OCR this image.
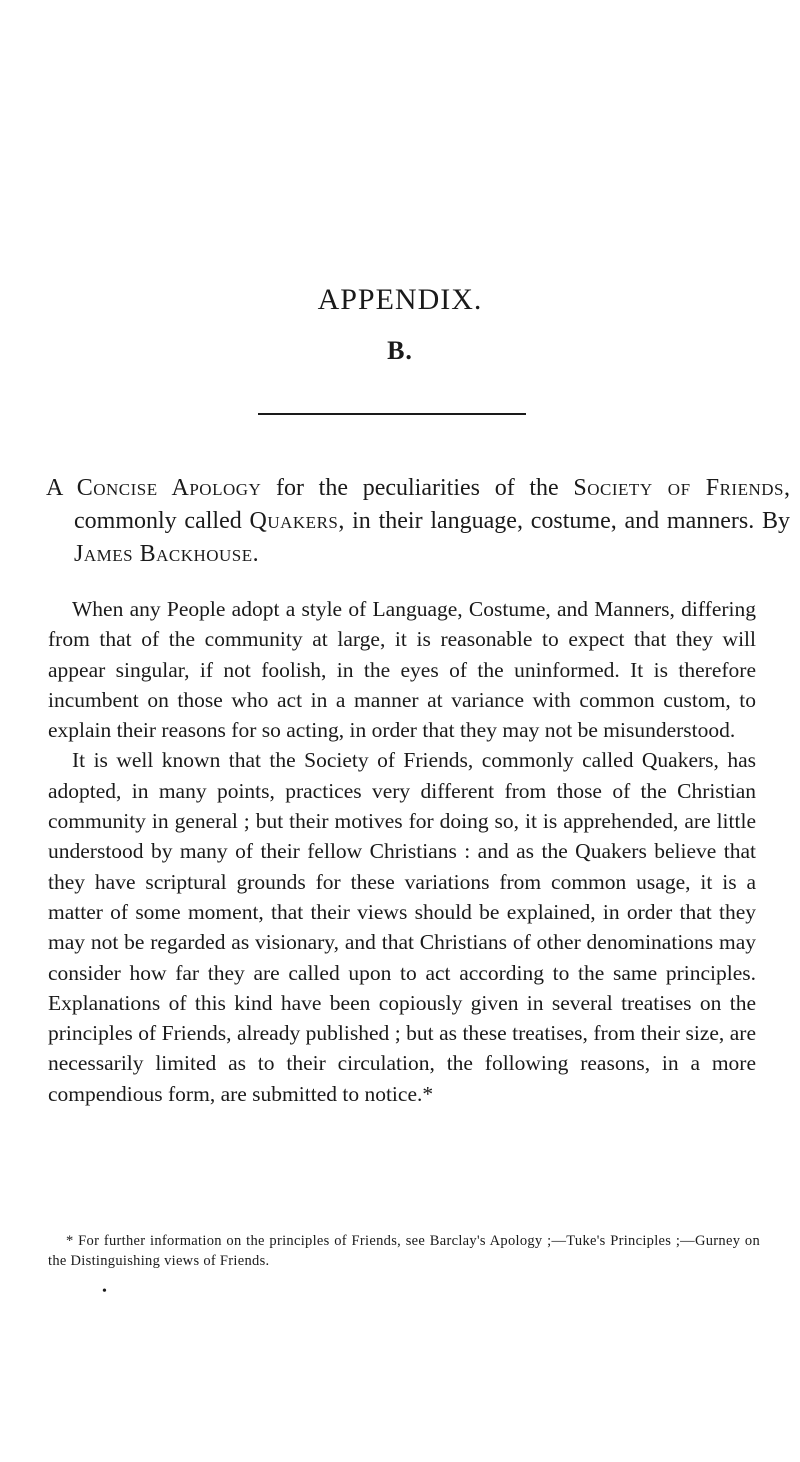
APPENDIX.
B.
A Concise Apology for the peculiarities of the Society of Friends, commonly called Quakers, in their language, costume, and manners. By James Backhouse.

When any People adopt a style of Language, Costume, and Manners, differing from that of the community at large, it is reasonable to expect that they will appear singular, if not foolish, in the eyes of the uninformed. It is therefore incumbent on those who act in a manner at variance with common custom, to explain their reasons for so acting, in order that they may not be misunderstood.

It is well known that the Society of Friends, commonly called Quakers, has adopted, in many points, practices very different from those of the Christian community in general ; but their motives for doing so, it is apprehended, are little understood by many of their fellow Christians : and as the Quakers believe that they have scriptural grounds for these variations from common usage, it is a matter of some moment, that their views should be explained, in order that they may not be regarded as visionary, and that Christians of other denominations may consider how far they are called upon to act according to the same principles. Explanations of this kind have been copiously given in several treatises on the principles of Friends, already published ; but as these treatises, from their size, are necessarily limited as to their circulation, the following reasons, in a more compendious form, are submitted to notice.*

* For further information on the principles of Friends, see Barclay's Apology ;—Tuke's Principles ;—Gurney on the Distinguishing views of Friends.
•
